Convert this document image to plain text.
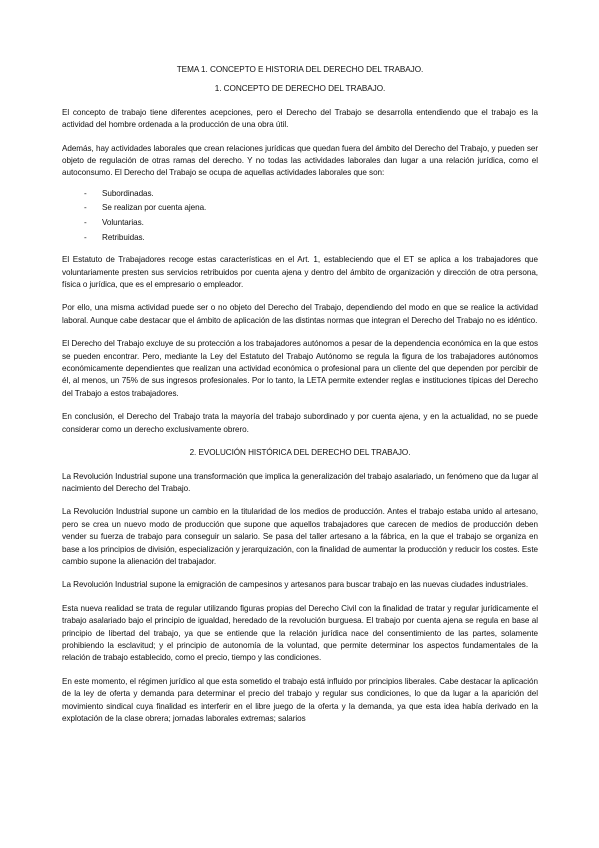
TEMA 1. CONCEPTO E HISTORIA DEL DERECHO DEL TRABAJO.
1. CONCEPTO DE DERECHO DEL TRABAJO.

El concepto de trabajo tiene diferentes acepciones, pero el Derecho del Trabajo se desarrolla entendiendo que el trabajo es la actividad del hombre ordenada a la producción de una obra útil.

Además, hay actividades laborales que crean relaciones jurídicas que quedan fuera del ámbito del Derecho del Trabajo, y pueden ser objeto de regulación de otras ramas del derecho. Y no todas las actividades laborales dan lugar a una relación jurídica, como el autoconsumo. El Derecho del Trabajo se ocupa de aquellas actividades laborales que son:

- Subordinadas.
- Se realizan por cuenta ajena.
- Voluntarias.
- Retribuidas.

El Estatuto de Trabajadores recoge estas características en el Art. 1, estableciendo que el ET se aplica a los trabajadores que voluntariamente presten sus servicios retribuidos por cuenta ajena y dentro del ámbito de organización y dirección de otra persona, física o jurídica, que es el empresario o empleador.

Por ello, una misma actividad puede ser o no objeto del Derecho del Trabajo, dependiendo del modo en que se realice la actividad laboral. Aunque cabe destacar que el ámbito de aplicación de las distintas normas que integran el Derecho del Trabajo no es idéntico.

El Derecho del Trabajo excluye de su protección a los trabajadores autónomos a pesar de la dependencia económica en la que estos se pueden encontrar. Pero, mediante la Ley del Estatuto del Trabajo Autónomo se regula la figura de los trabajadores autónomos económicamente dependientes que realizan una actividad económica o profesional para un cliente del que dependen por percibir de él, al menos, un 75% de sus ingresos profesionales. Por lo tanto, la LETA permite extender reglas e instituciones típicas del Derecho del Trabajo a estos trabajadores.

En conclusión, el Derecho del Trabajo trata la mayoría del trabajo subordinado y por cuenta ajena, y en la actualidad, no se puede considerar como un derecho exclusivamente obrero.

2. EVOLUCIÓN HISTÓRICA DEL DERECHO DEL TRABAJO.

La Revolución Industrial supone una transformación que implica la generalización del trabajo asalariado, un fenómeno que da lugar al nacimiento del Derecho del Trabajo.

La Revolución Industrial supone un cambio en la titularidad de los medios de producción. Antes el trabajo estaba unido al artesano, pero se crea un nuevo modo de producción que supone que aquellos trabajadores que carecen de medios de producción deben vender su fuerza de trabajo para conseguir un salario. Se pasa del taller artesano a la fábrica, en la que el trabajo se organiza en base a los principios de división, especialización y jerarquización, con la finalidad de aumentar la producción y reducir los costes. Este cambio supone la alienación del trabajador.

La Revolución Industrial supone la emigración de campesinos y artesanos para buscar trabajo en las nuevas ciudades industriales.

Esta nueva realidad se trata de regular utilizando figuras propias del Derecho Civil con la finalidad de tratar y regular jurídicamente el trabajo asalariado bajo el principio de igualdad, heredado de la revolución burguesa. El trabajo por cuenta ajena se regula en base al principio de libertad del trabajo, ya que se entiende que la relación jurídica nace del consentimiento de las partes, solamente prohibiendo la esclavitud; y el principio de autonomía de la voluntad, que permite determinar los aspectos fundamentales de la relación de trabajo establecido, como el precio, tiempo y las condiciones.

En este momento, el régimen jurídico al que esta sometido el trabajo está influido por principios liberales. Cabe destacar la aplicación de la ley de oferta y demanda para determinar el precio del trabajo y regular sus condiciones, lo que da lugar a la aparición del movimiento sindical cuya finalidad es interferir en el libre juego de la oferta y la demanda, ya que esta idea había derivado en la explotación de la clase obrera; jornadas laborales extremas; salarios
